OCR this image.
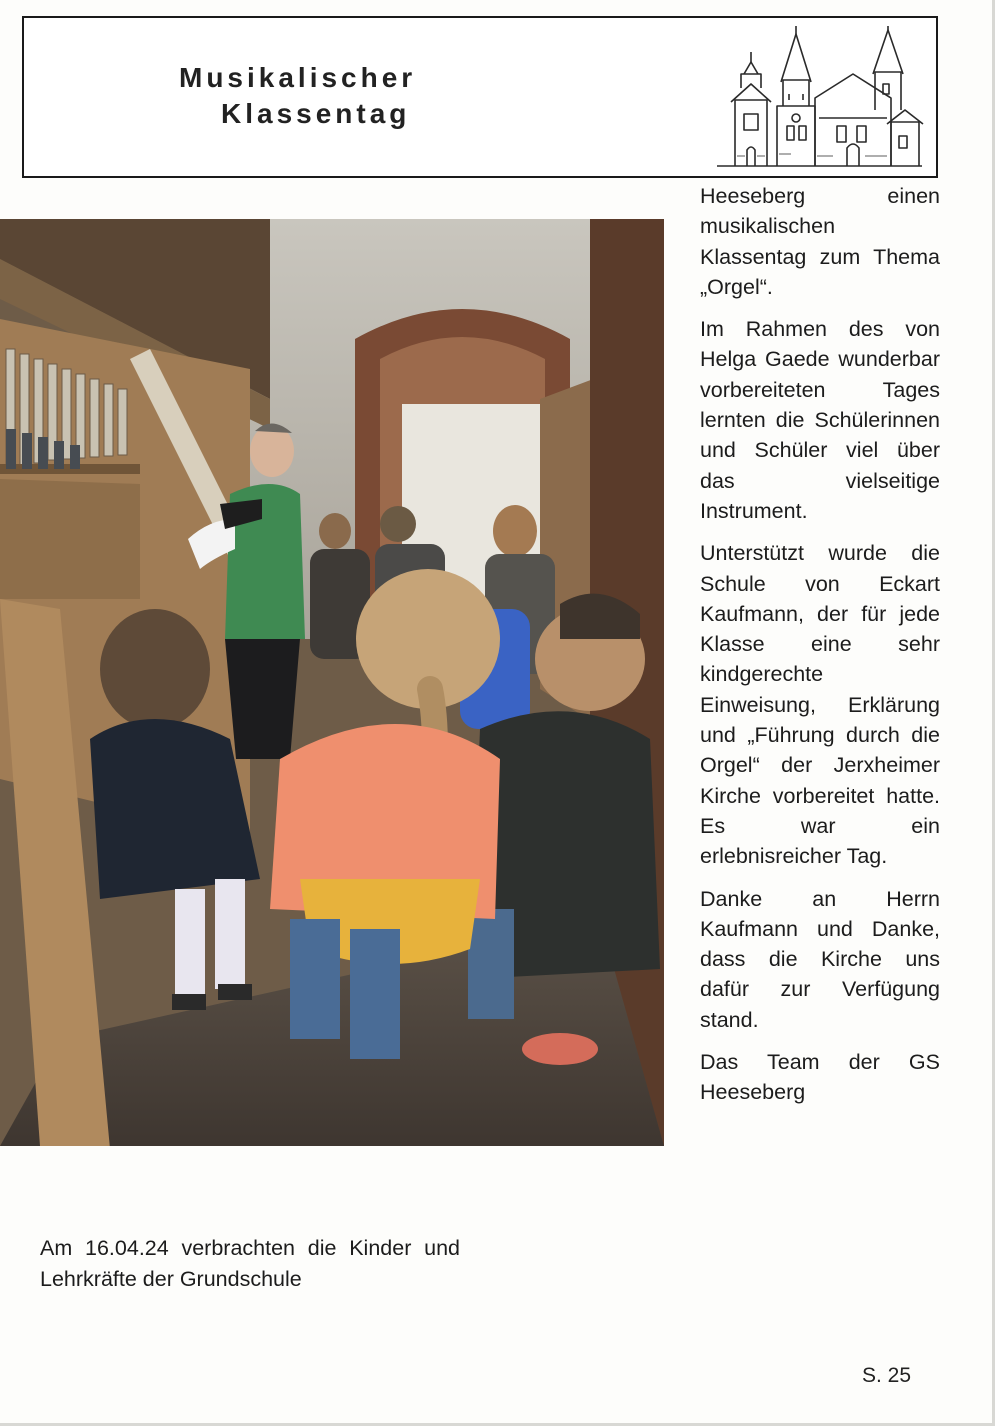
Musikalischer
Klassentag

Heeseberg einen musikalischen Klassentag zum Thema „Orgel“.

Im Rahmen des von Helga Gaede wunderbar vorbereiteten Tages lernten die Schülerinnen und Schüler viel über das vielseitige Instrument.

Unterstützt wurde die Schule von Eckart Kaufmann, der für jede Klasse eine sehr kindgerechte Einweisung, Erklärung und „Führung durch die Orgel“ der Jerxheimer Kirche vorbereitet hatte. Es war ein erlebnisreicher Tag.

Danke an Herrn Kaufmann und Danke, dass die Kirche uns dafür zur Verfügung stand.

Das Team der GS Heeseberg

Am 16.04.24 verbrachten die Kinder und Lehrkräfte der Grundschule

S. 25
